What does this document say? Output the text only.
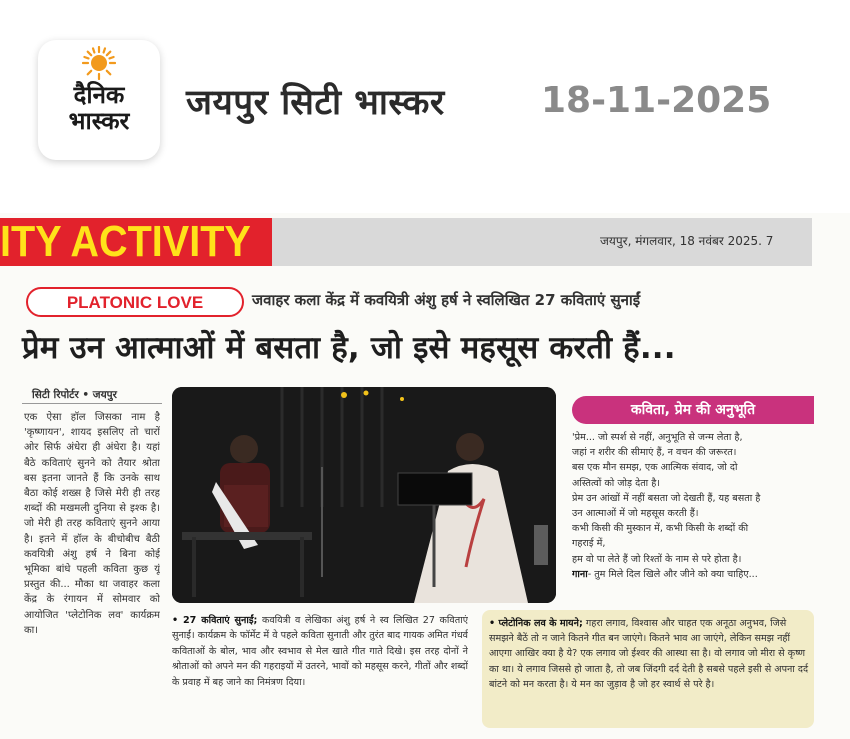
दैनिक
भास्कर	जयपुर सिटी भास्कर	18-11-2025
ITY ACTIVITY	जयपुर, मंगलवार, 18 नवंबर 2025. 7
PLATONIC LOVE	जवाहर कला केंद्र में कवयित्री अंशु हर्ष ने स्वलिखित 27 कविताएं सुनाईं
प्रेम उन आत्माओं में बसता है, जो इसे महसूस करती हैं...
सिटी रिपोर्टर • जयपुर
एक ऐसा हॉल जिसका नाम है 'कृष्णायन', शायद इसलिए तो चारों ओर सिर्फ अंधेरा ही अंधेरा है। यहां बैठे कविताएं सुनने को तैयार श्रोता बस इतना जानते हैं कि उनके साथ बैठा कोई शख्स है जिसे मेरी ही तरह शब्दों की मखमली दुनिया से इश्क है। जो मेरी ही तरह कविताएं सुनने आया है। इतने में हॉल के बीचोबीच बैठी कवयित्री अंशु हर्ष ने बिना कोई भूमिका बांधे पहली कविता कुछ यूं प्रस्तुत की... मौका था जवाहर कला केंद्र के रंगायन में सोमवार को आयोजित 'प्लेटोनिक लव' कार्यक्रम का।
• 27 कविताएं सुनाईं; कवयित्री व लेखिका अंशु हर्ष ने स्व लिखित 27 कविताएं सुनाईं। कार्यक्रम के फॉर्मेट में वे पहले कविता सुनाती और तुरंत बाद गायक अमित गंधर्व कविताओं के बोल, भाव और स्वभाव से मेल खाते गीत गाते दिखे। इस तरह दोनों ने श्रोताओं को अपने मन की गहराइयों में उतरने, भावों को महसूस करने, गीतों और शब्दों के प्रवाह में बह जाने का निमंत्रण दिया।
कविता, प्रेम की अनुभूति
'प्रेम... जो स्पर्श से नहीं, अनुभूति से जन्म लेता है,
जहां न शरीर की सीमाएं हैं, न वचन की जरूरत।
बस एक मौन समझ, एक आत्मिक संवाद, जो दो
अस्तित्वों को जोड़ देता है।
प्रेम उन आंखों में नहीं बसता जो देखती हैं, यह बसता है
उन आत्माओं में जो महसूस करती हैं।
कभी किसी की मुस्कान में, कभी किसी के शब्दों की
गहराई में,
हम वो पा लेते हैं जो रिश्तों के नाम से परे होता है।
गाना- तुम मिले दिल खिले और जीने को क्या चाहिए...
• प्लेटोनिक लव के मायने; गहरा लगाव, विश्वास और चाहत एक अनूठा अनुभव, जिसे समझने बैठें तो न जाने कितने गीत बन जाएंगे। कितने भाव आ जाएंगे, लेकिन समझ नहीं आएगा आखिर क्या है ये? एक लगाव जो ईश्वर की आस्था सा है। वो लगाव जो मीरा से कृष्ण का था। ये लगाव जिससे हो जाता है, तो जब जिंदगी दर्द देती है सबसे पहले इसी से अपना दर्द बांटने को मन करता है। ये मन का जुड़ाव है जो हर स्वार्थ से परे है।
